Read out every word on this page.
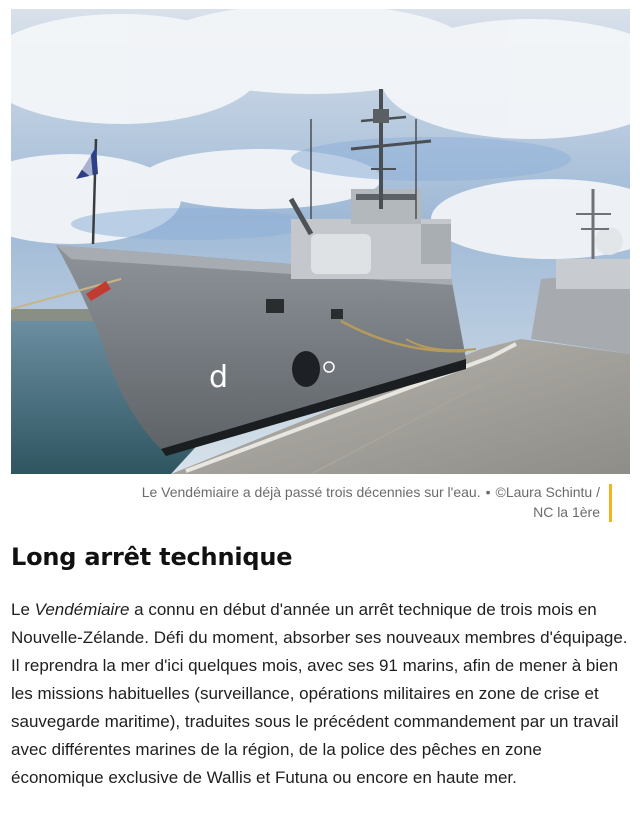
d
Le Vendémiaire a déjà passé trois décennies sur l'eau. • ©Laura Schintu /
NC la 1ère
Long arrêt technique

Le Vendémiaire a connu en début d'année un arrêt technique de trois mois en Nouvelle-Zélande. Défi du moment, absorber ses nouveaux membres d'équipage. Il reprendra la mer d'ici quelques mois, avec ses 91 marins, afin de mener à bien les missions habituelles (surveillance, opérations militaires en zone de crise et sauvegarde maritime), traduites sous le précédent commandement par un travail avec différentes marines de la région, de la police des pêches en zone économique exclusive de Wallis et Futuna ou encore en haute mer.
